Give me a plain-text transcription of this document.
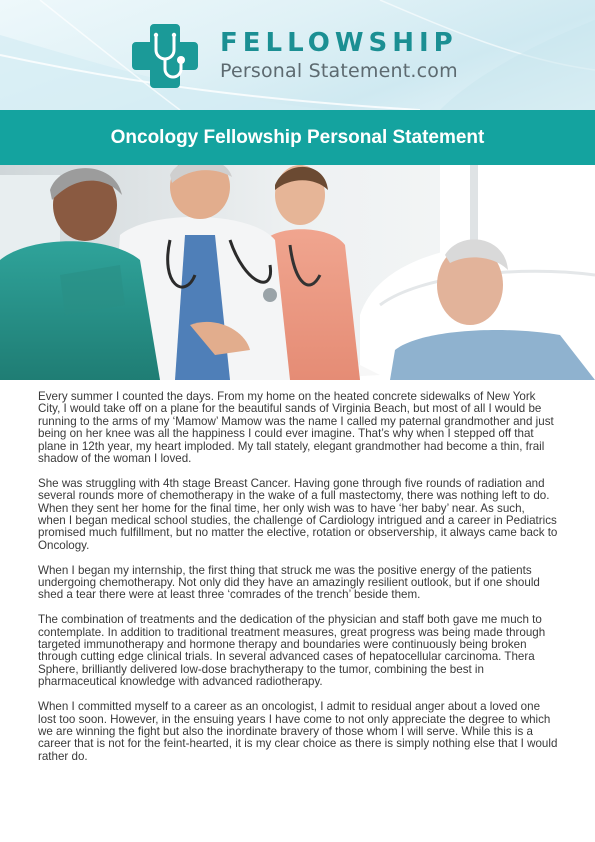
FELLOWSHIP
Personal Statement.com
Oncology Fellowship Personal Statement

Every summer I counted the days. From my home on the heated concrete sidewalks of New York City, I would take off on a plane for the beautiful sands of Virginia Beach, but most of all I would be running to the arms of my ‘Mamow’ Mamow was the name I called my paternal grandmother and just being on her knee was all the happiness I could ever imagine. That’s why when I stepped off that plane in 12th year, my heart imploded. My tall stately, elegant grandmother had become a thin, frail shadow of the woman I loved.

She was struggling with 4th stage Breast Cancer. Having gone through five rounds of radiation and several rounds more of chemotherapy in the wake of a full mastectomy, there was nothing left to do. When they sent her home for the final time, her only wish was to have ‘her baby’ near. As such,
when I began medical school studies, the challenge of Cardiology intrigued and a career in Pediatrics promised much fulfillment, but no matter the elective, rotation or observership, it always came back to Oncology.

When I began my internship, the first thing that struck me was the positive energy of the patients undergoing chemotherapy. Not only did they have an amazingly resilient outlook, but if one should shed a tear there were at least three ‘comrades of the trench’ beside them.

The combination of treatments and the dedication of the physician and staff both gave me much to contemplate. In addition to traditional treatment measures, great progress was being made through targeted immunotherapy and hormone therapy and boundaries were continuously being broken through cutting edge clinical trials. In several advanced cases of hepatocellular carcinoma. Thera Sphere, brilliantly delivered low-dose brachytherapy to the tumor, combining the best in pharmaceutical knowledge with advanced radiotherapy.

When I committed myself to a career as an oncologist, I admit to residual anger about a loved one lost too soon. However, in the ensuing years I have come to not only appreciate the degree to which we are winning the fight but also the inordinate bravery of those whom I will serve. While this is a career that is not for the feint-hearted, it is my clear choice as there is simply nothing else that I would rather do.
